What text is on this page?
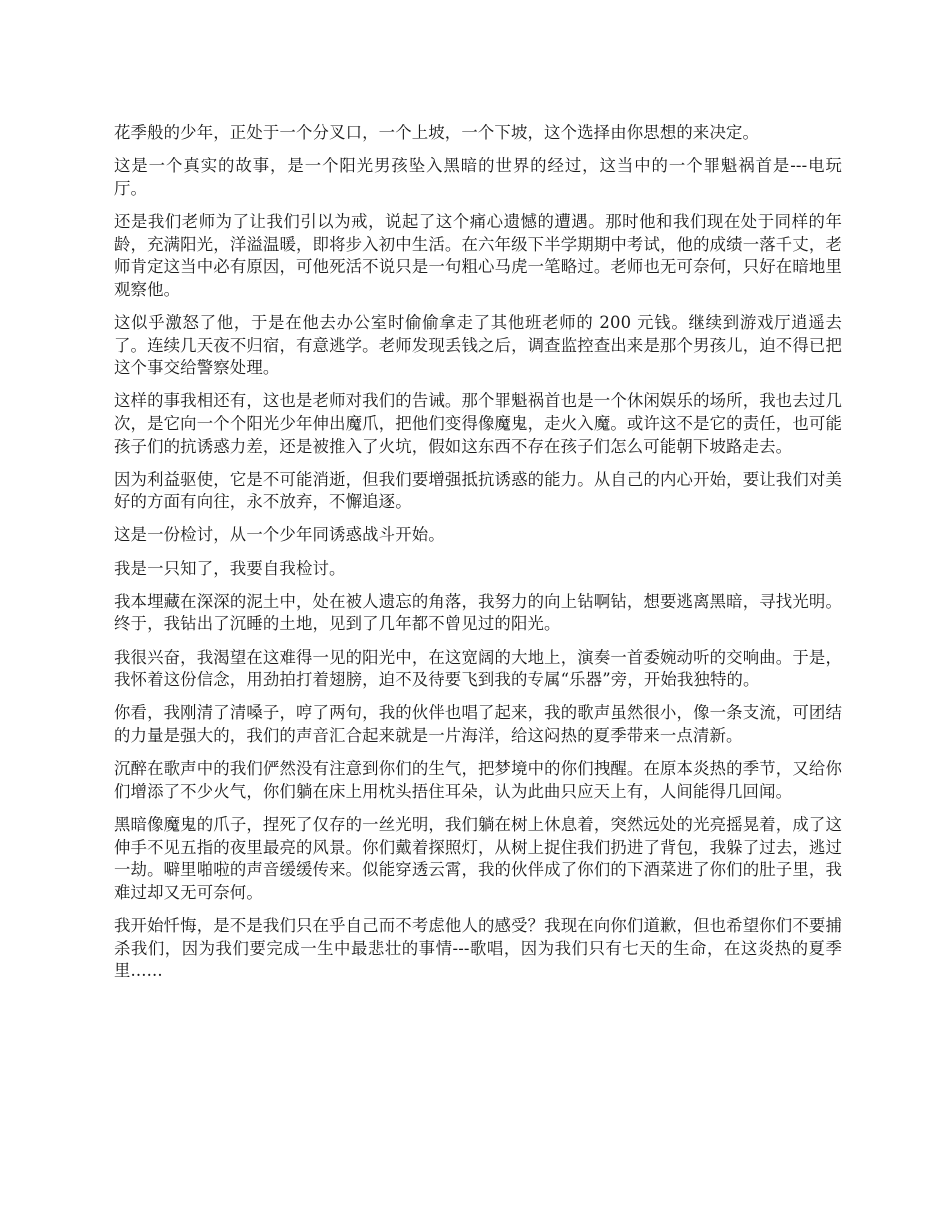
花季般的少年，正处于一个分叉口，一个上坡，一个下坡，这个选择由你思想的来决定。

这是一个真实的故事，是一个阳光男孩坠入黑暗的世界的经过，这当中的一个罪魁祸首是---电玩厅。

还是我们老师为了让我们引以为戒，说起了这个痛心遗憾的遭遇。那时他和我们现在处于同样的年龄，充满阳光，洋溢温暖，即将步入初中生活。在六年级下半学期期中考试，他的成绩一落千丈，老师肯定这当中必有原因，可他死活不说只是一句粗心马虎一笔略过。老师也无可奈何，只好在暗地里观察他。

这似乎激怒了他，于是在他去办公室时偷偷拿走了其他班老师的 200 元钱。继续到游戏厅逍遥去了。连续几天夜不归宿，有意逃学。老师发现丢钱之后，调查监控查出来是那个男孩儿，迫不得已把这个事交给警察处理。

这样的事我相还有，这也是老师对我们的告诫。那个罪魁祸首也是一个休闲娱乐的场所，我也去过几次，是它向一个个阳光少年伸出魔爪，把他们变得像魔鬼，走火入魔。或许这不是它的责任，也可能孩子们的抗诱惑力差，还是被推入了火坑，假如这东西不存在孩子们怎么可能朝下坡路走去。

因为利益驱使，它是不可能消逝，但我们要增强抵抗诱惑的能力。从自己的内心开始，要让我们对美好的方面有向往，永不放弃，不懈追逐。

这是一份检讨，从一个少年同诱惑战斗开始。

我是一只知了，我要自我检讨。

我本埋藏在深深的泥土中，处在被人遗忘的角落，我努力的向上钻啊钻，想要逃离黑暗，寻找光明。终于，我钻出了沉睡的土地，见到了几年都不曾见过的阳光。

我很兴奋，我渴望在这难得一见的阳光中，在这宽阔的大地上，演奏一首委婉动听的交响曲。于是，我怀着这份信念，用劲拍打着翅膀，迫不及待要飞到我的专属“乐器”旁，开始我独特的。

你看，我刚清了清嗓子，哼了两句，我的伙伴也唱了起来，我的歌声虽然很小，像一条支流，可团结的力量是强大的，我们的声音汇合起来就是一片海洋，给这闷热的夏季带来一点清新。

沉醉在歌声中的我们俨然没有注意到你们的生气，把梦境中的你们拽醒。在原本炎热的季节，又给你们增添了不少火气，你们躺在床上用枕头捂住耳朵，认为此曲只应天上有，人间能得几回闻。

黑暗像魔鬼的爪子，捏死了仅存的一丝光明，我们躺在树上休息着，突然远处的光亮摇晃着，成了这伸手不见五指的夜里最亮的风景。你们戴着探照灯，从树上捉住我们扔进了背包，我躲了过去，逃过一劫。噼里啪啦的声音缓缓传来。似能穿透云霄，我的伙伴成了你们的下酒菜进了你们的肚子里，我难过却又无可奈何。

我开始忏悔，是不是我们只在乎自己而不考虑他人的感受？我现在向你们道歉，但也希望你们不要捕杀我们，因为我们要完成一生中最悲壮的事情---歌唱，因为我们只有七天的生命，在这炎热的夏季里......
